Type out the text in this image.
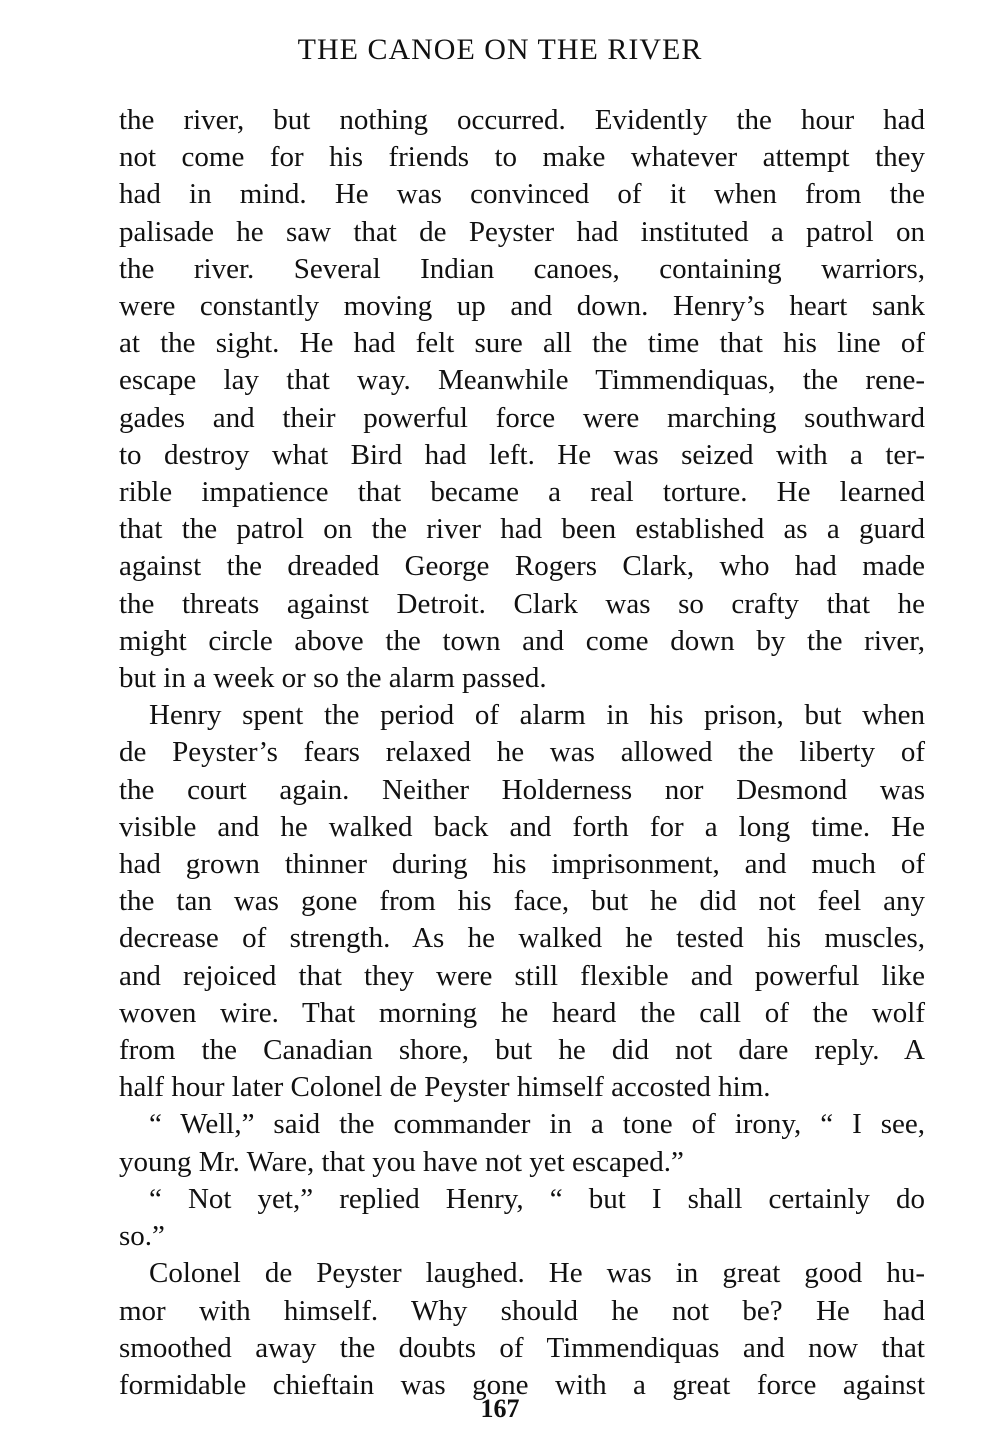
THE CANOE ON THE RIVER

the river, but nothing occurred. Evidently the hour had
not come for his friends to make whatever attempt they
had in mind. He was convinced of it when from the
palisade he saw that de Peyster had instituted a patrol on
the river. Several Indian canoes, containing warriors,
were constantly moving up and down. Henry’s heart sank
at the sight. He had felt sure all the time that his line of
escape lay that way. Meanwhile Timmendiquas, the rene-
gades and their powerful force were marching southward
to destroy what Bird had left. He was seized with a ter-
rible impatience that became a real torture. He learned
that the patrol on the river had been established as a guard
against the dreaded George Rogers Clark, who had made
the threats against Detroit. Clark was so crafty that he
might circle above the town and come down by the river,
but in a week or so the alarm passed.

Henry spent the period of alarm in his prison, but when
de Peyster’s fears relaxed he was allowed the liberty of
the court again. Neither Holderness nor Desmond was
visible and he walked back and forth for a long time. He
had grown thinner during his imprisonment, and much of
the tan was gone from his face, but he did not feel any
decrease of strength. As he walked he tested his muscles,
and rejoiced that they were still flexible and powerful like
woven wire. That morning he heard the call of the wolf
from the Canadian shore, but he did not dare reply. A
half hour later Colonel de Peyster himself accosted him.

“ Well,” said the commander in a tone of irony, “ I see,
young Mr. Ware, that you have not yet escaped.”

“ Not yet,” replied Henry, “ but I shall certainly do
so.”

Colonel de Peyster laughed. He was in great good hu-
mor with himself. Why should he not be? He had
smoothed away the doubts of Timmendiquas and now that
formidable chieftain was gone with a great force against

167
